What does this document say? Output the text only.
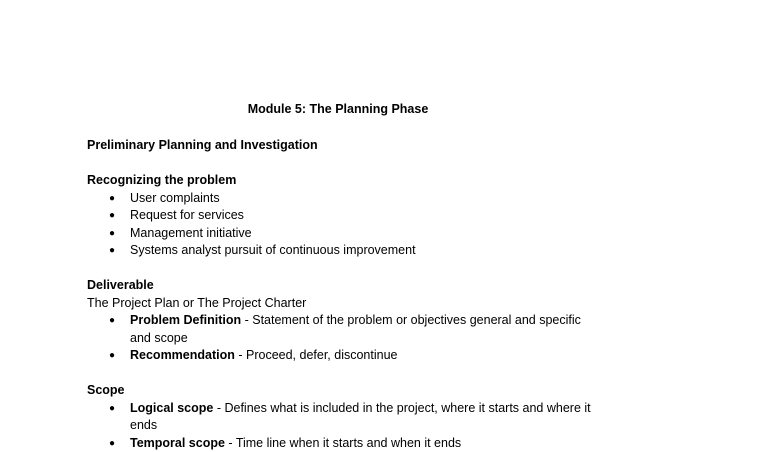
Module 5: The Planning Phase
Preliminary Planning and Investigation
Recognizing the problem
● User complaints
● Request for services
● Management initiative
● Systems analyst pursuit of continuous improvement
Deliverable
The Project Plan or The Project Charter
● Problem Definition - Statement of the problem or objectives general and specific and scope
● Recommendation - Proceed, defer, discontinue
Scope
● Logical scope - Defines what is included in the project, where it starts and where it ends
● Temporal scope - Time line when it starts and when it ends
